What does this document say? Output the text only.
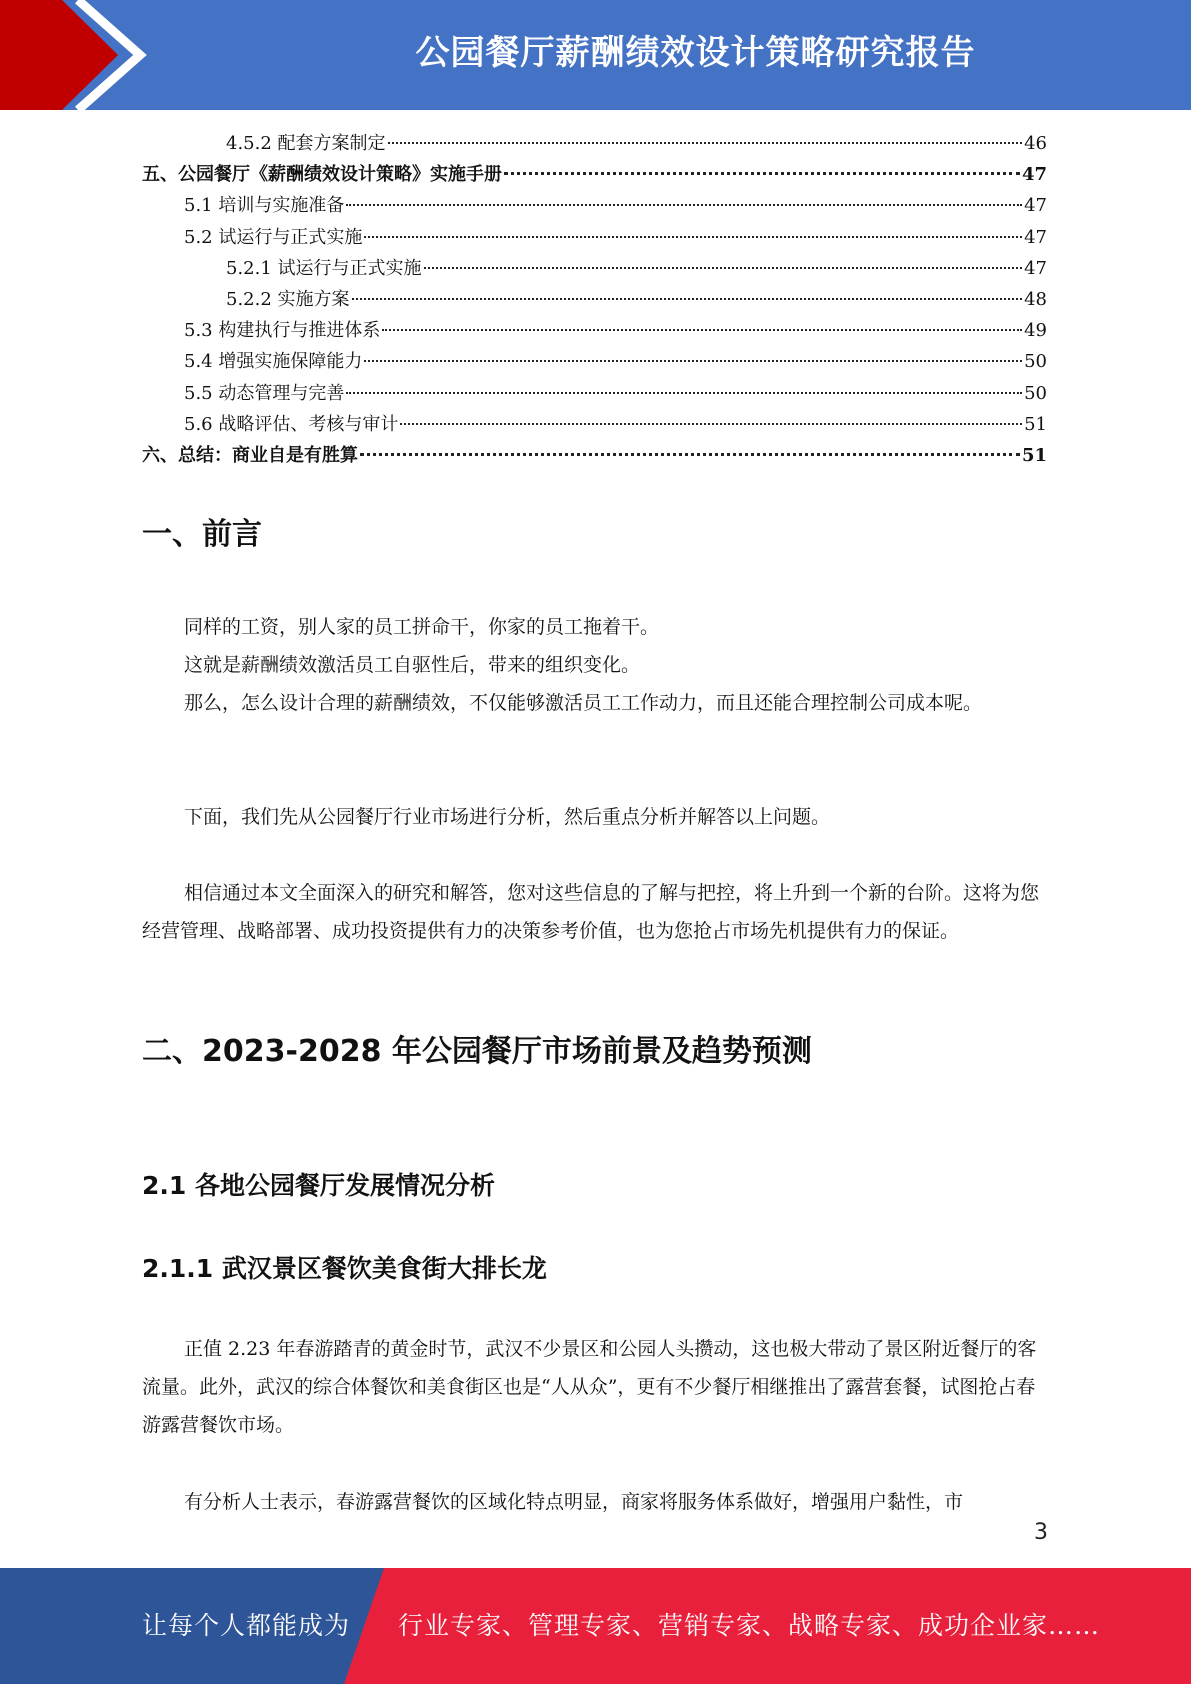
公园餐厅薪酬绩效设计策略研究报告
4.5.2 配套方案制定	46
五、公园餐厅《薪酬绩效设计策略》实施手册	47
5.1 培训与实施准备	47
5.2 试运行与正式实施	47
5.2.1 试运行与正式实施	47
5.2.2 实施方案	48
5.3 构建执行与推进体系	49
5.4 增强实施保障能力	50
5.5 动态管理与完善	50
5.6 战略评估、考核与审计	51
六、总结：商业自是有胜算	51
一、前言

同样的工资，别人家的员工拼命干，你家的员工拖着干。

这就是薪酬绩效激活员工自驱性后，带来的组织变化。

那么，怎么设计合理的薪酬绩效，不仅能够激活员工工作动力，而且还能合理控制公司成本呢。

下面，我们先从公园餐厅行业市场进行分析，然后重点分析并解答以上问题。

相信通过本文全面深入的研究和解答，您对这些信息的了解与把控，将上升到一个新的台阶。这将为您经营管理、战略部署、成功投资提供有力的决策参考价值，也为您抢占市场先机提供有力的保证。

二、2023-2028 年公园餐厅市场前景及趋势预测
2.1 各地公园餐厅发展情况分析
2.1.1 武汉景区餐饮美食街大排长龙

正值 2.23 年春游踏青的黄金时节，武汉不少景区和公园人头攒动，这也极大带动了景区附近餐厅的客流量。此外，武汉的综合体餐饮和美食街区也是“人从众”，更有不少餐厅相继推出了露营套餐，试图抢占春游露营餐饮市场。

有分析人士表示，春游露营餐饮的区域化特点明显，商家将服务体系做好，增强用户黏性，市

3
让每个人都能成为 行业专家、管理专家、营销专家、战略专家、成功企业家……
